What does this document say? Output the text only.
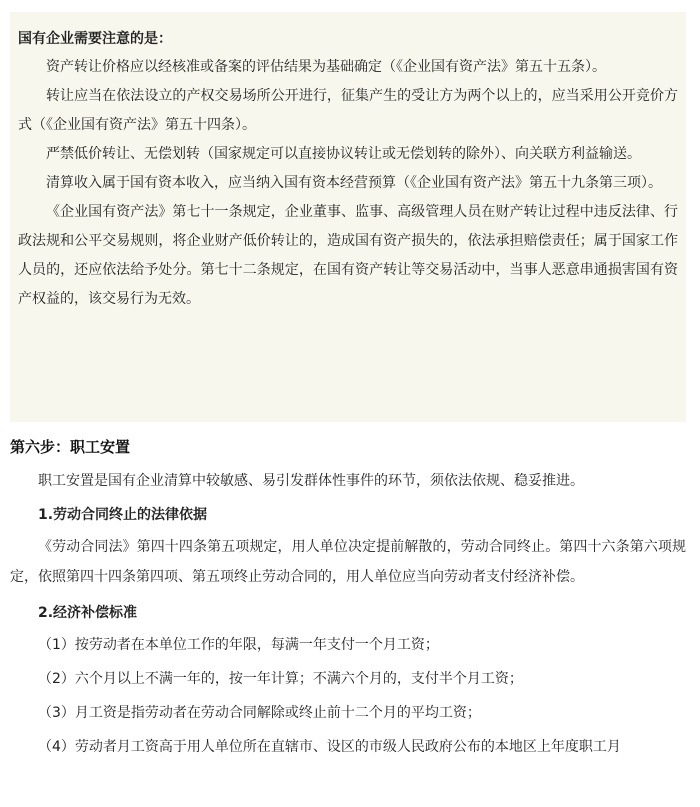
国有企业需要注意的是：

资产转让价格应以经核准或备案的评估结果为基础确定（《企业国有资产法》第五十五条）。

转让应当在依法设立的产权交易场所公开进行，征集产生的受让方为两个以上的，应当采用公开竞价方式（《企业国有资产法》第五十四条）。

严禁低价转让、无偿划转（国家规定可以直接协议转让或无偿划转的除外）、向关联方利益输送。

清算收入属于国有资本收入，应当纳入国有资本经营预算（《企业国有资产法》第五十九条第三项）。

《企业国有资产法》第七十一条规定，企业董事、监事、高级管理人员在财产转让过程中违反法律、行政法规和公平交易规则，将企业财产低价转让的，造成国有资产损失的，依法承担赔偿责任；属于国家工作人员的，还应依法给予处分。第七十二条规定，在国有资产转让等交易活动中，当事人恶意串通损害国有资产权益的，该交易行为无效。

第六步：职工安置

职工安置是国有企业清算中较敏感、易引发群体性事件的环节，须依法依规、稳妥推进。

1.劳动合同终止的法律依据

《劳动合同法》第四十四条第五项规定，用人单位决定提前解散的，劳动合同终止。第四十六条第六项规定，依照第四十四条第四项、第五项终止劳动合同的，用人单位应当向劳动者支付经济补偿。

2.经济补偿标准

（1）按劳动者在本单位工作的年限，每满一年支付一个月工资；

（2）六个月以上不满一年的，按一年计算；不满六个月的，支付半个月工资；

（3）月工资是指劳动者在劳动合同解除或终止前十二个月的平均工资；

（4）劳动者月工资高于用人单位所在直辖市、设区的市级人民政府公布的本地区上年度职工月
